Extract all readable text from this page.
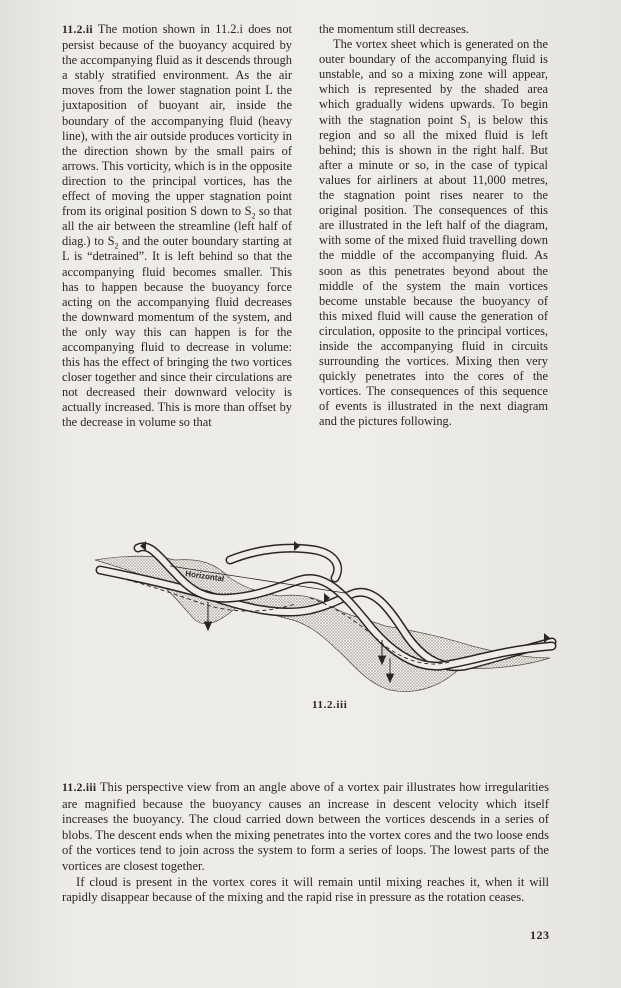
11.2.ii The motion shown in 11.2.i does not persist because of the buoyancy acquired by the accompanying fluid as it descends through a stably stratified environment. As the air moves from the lower stagnation point L the juxtaposition of buoyant air, inside the boundary of the accompanying fluid (heavy line), with the air outside produces vorticity in the direction shown by the small pairs of arrows. This vorticity, which is in the opposite direction to the principal vortices, has the effect of moving the upper stagnation point from its original position S down to $S_2$ so that all the air between the streamline (left half of diag.) to $S_2$ and the outer boundary starting at L is “detrained”. It is left behind so that the accompanying fluid becomes smaller. This has to happen because the buoyancy force acting on the accompanying fluid decreases the downward momentum of the system, and the only way this can happen is for the accompanying fluid to decrease in volume: this has the effect of bringing the two vortices closer together and since their circulations are not decreased their downward velocity is actually increased. This is more than offset by the decrease in volume so that

the momentum still decreases.

The vortex sheet which is generated on the outer boundary of the accompanying fluid is unstable, and so a mixing zone will appear, which is represented by the shaded area which gradually widens upwards. To begin with the stagnation point $S_1$ is below this region and so all the mixed fluid is left behind; this is shown in the right half. But after a minute or so, in the case of typical values for airliners at about 11,000 metres, the stagnation point rises nearer to the original position. The consequences of this are illustrated in the left half of the diagram, with some of the mixed fluid travelling down the middle of the accompanying fluid. As soon as this penetrates beyond about the middle of the system the main vortices become unstable because the buoyancy of this mixed fluid will cause the generation of circulation, opposite to the principal vortices, inside the accompanying fluid in circuits surrounding the vortices. Mixing then very quickly penetrates into the cores of the vortices. The consequences of this sequence of events is illustrated in the next diagram and the pictures following.

Horizontal
11.2.iii

11.2.iii This perspective view from an angle above of a vortex pair illustrates how irregularities are magnified because the buoyancy causes an increase in descent velocity which itself increases the buoyancy. The cloud carried down between the vortices descends in a series of blobs. The descent ends when the mixing penetrates into the vortex cores and the two loose ends of the vortices tend to join across the system to form a series of loops. The lowest parts of the vortices are closest together.

If cloud is present in the vortex cores it will remain until mixing reaches it, when it will rapidly disappear because of the mixing and the rapid rise in pressure as the rotation ceases.

123
